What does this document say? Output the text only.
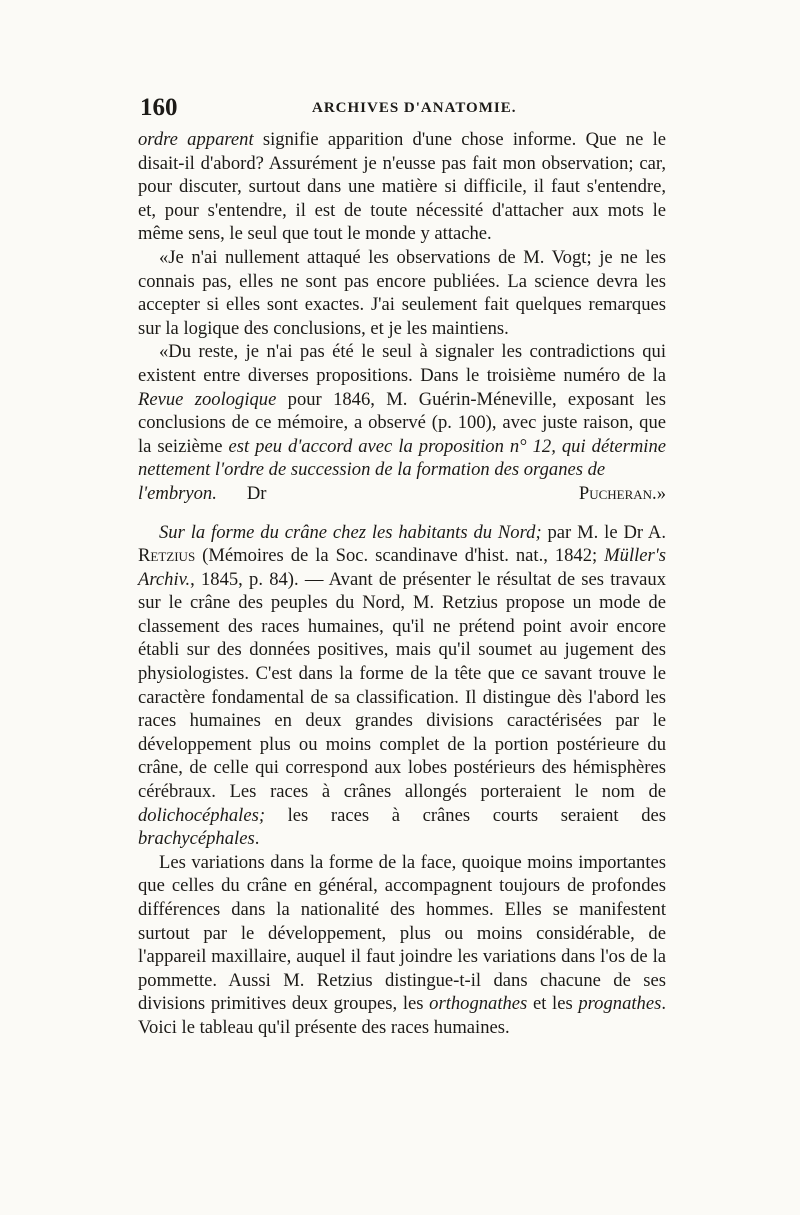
160	ARCHIVES D'ANATOMIE.

ordre apparent signifie apparition d'une chose informe. Que ne le disait-il d'abord? Assurément je n'eusse pas fait mon observation; car, pour discuter, surtout dans une matière si difficile, il faut s'entendre, et, pour s'entendre, il est de toute nécessité d'attacher aux mots le même sens, le seul que tout le monde y attache.

«Je n'ai nullement attaqué les observations de M. Vogt; je ne les connais pas, elles ne sont pas encore publiées. La science devra les accepter si elles sont exactes. J'ai seulement fait quelques remarques sur la logique des conclusions, et je les maintiens.

«Du reste, je n'ai pas été le seul à signaler les contradictions qui existent entre diverses propositions. Dans le troisième numéro de la Revue zoologique pour 1846, M. Guérin-Méneville, exposant les conclusions de ce mémoire, a observé (p. 100), avec juste raison, que la seizième est peu d'accord avec la proposition n° 12, qui détermine nettement l'ordre de succession de la formation des organes de

l'embryon. Dr	Pucheran.»

Sur la forme du crâne chez les habitants du Nord; par M. le Dr A. Retzius (Mémoires de la Soc. scandinave d'hist. nat., 1842; Müller's Archiv., 1845, p. 84). — Avant de présenter le résultat de ses travaux sur le crâne des peuples du Nord, M. Retzius propose un mode de classement des races humaines, qu'il ne prétend point avoir encore établi sur des données positives, mais qu'il soumet au jugement des physiologistes. C'est dans la forme de la tête que ce savant trouve le caractère fondamental de sa classification. Il distingue dès l'abord les races humaines en deux grandes divisions caractérisées par le développement plus ou moins complet de la portion postérieure du crâne, de celle qui correspond aux lobes postérieurs des hémisphères cérébraux. Les races à crânes allongés porteraient le nom de dolichocéphales; les races à crânes courts seraient des brachycéphales.

Les variations dans la forme de la face, quoique moins importantes que celles du crâne en général, accompagnent toujours de profondes différences dans la nationalité des hommes. Elles se manifestent surtout par le développement, plus ou moins considérable, de l'appareil maxillaire, auquel il faut joindre les variations dans l'os de la pommette. Aussi M. Retzius distingue-t-il dans chacune de ses divisions primitives deux groupes, les orthognathes et les prognathes. Voici le tableau qu'il présente des races humaines.
